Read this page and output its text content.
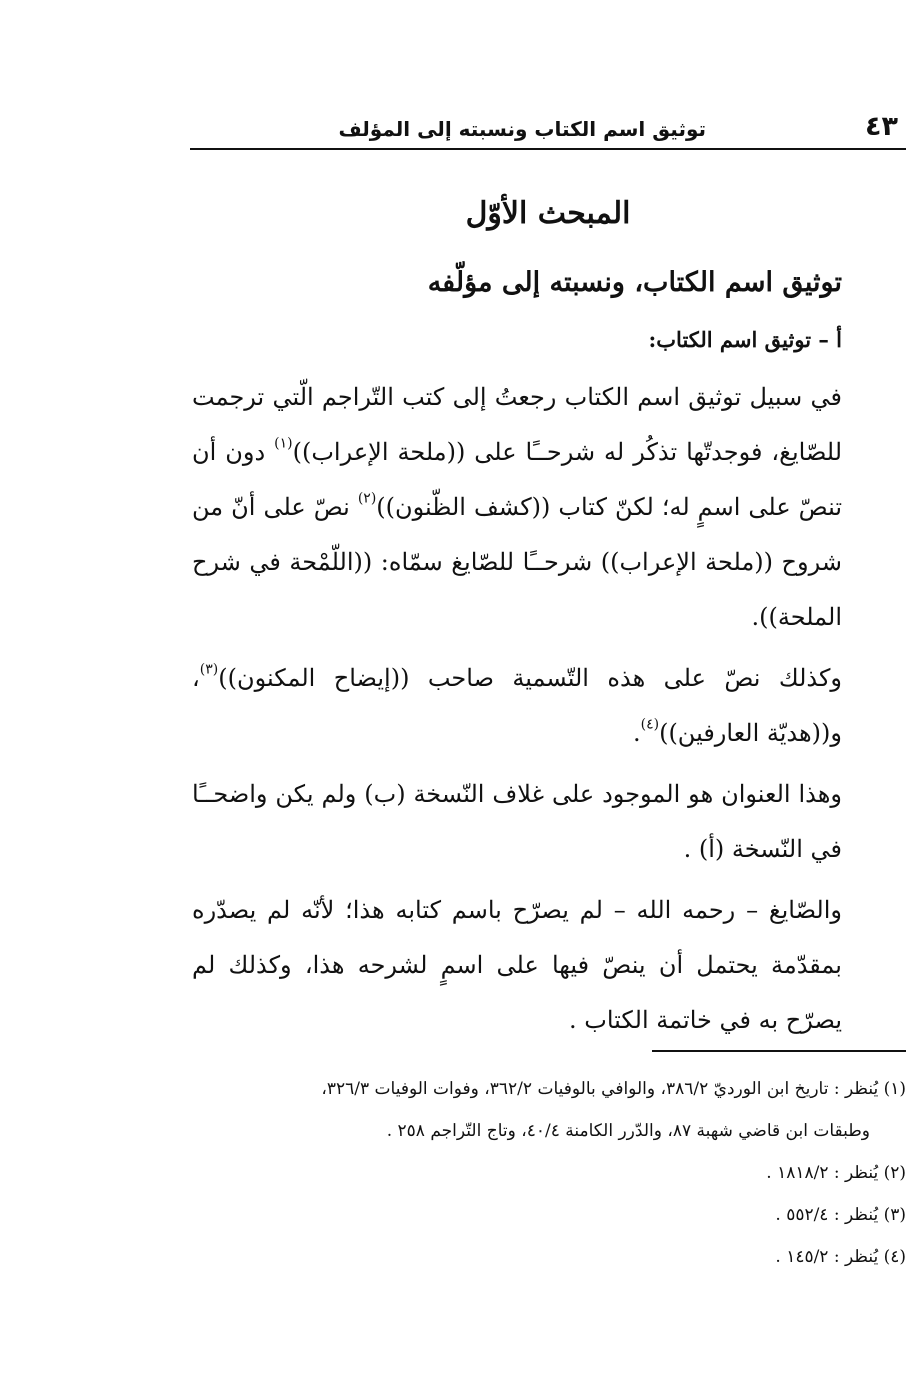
٤٣
توثيق اسم الكتاب ونسبته إلى المؤلف
المبحث الأوّل
توثيق اسم الكتاب، ونسبته إلى مؤلّفه
أ – توثيق اسم الكتاب:

في سبيل توثيق اسم الكتاب رجعتُ إلى كتب التّراجم الّتي ترجمت للصّايغ، فوجدتّها تذكُر له شرحــًا على ((ملحة الإعراب))$^{(١)}$ دون أن تنصّ على اسمٍ له؛ لكنّ كتاب ((كشف الظّنون))$^{(٢)}$ نصّ على أنّ من شروح ((ملحة الإعراب)) شرحــًا للصّايغ سمّاه: ((اللّمْحة في شرح الملحة)).

وكذلك نصّ على هذه التّسمية صاحب ((إيضاح المكنون))$^{(٣)}$، و((هديّة العارفين))$^{(٤)}$.

وهذا العنوان هو الموجود على غلاف النّسخة (ب) ولم يكن واضحــًا في النّسخة (أ) .

والصّايغ – رحمه الله – لم يصرّح باسم كتابه هذا؛ لأنّه لم يصدّره بمقدّمة يحتمل أن ينصّ فيها على اسمٍ لشرحه هذا، وكذلك لم يصرّح به في خاتمة الكتاب .

(١) يُنظر : تاريخ ابن الورديّ ٣٨٦/٢، والوافي بالوفيات ٣٦٢/٢، وفوات الوفيات ٣٢٦/٣،
وطبقات ابن قاضي شهبة ٨٧، والدّرر الكامنة ٤٠/٤، وتاج التّراجم ٢٥٨ .

(٢) يُنظر : ١٨١٨/٢ .

(٣) يُنظر : ٥٥٢/٤ .

(٤) يُنظر : ١٤٥/٢ .
